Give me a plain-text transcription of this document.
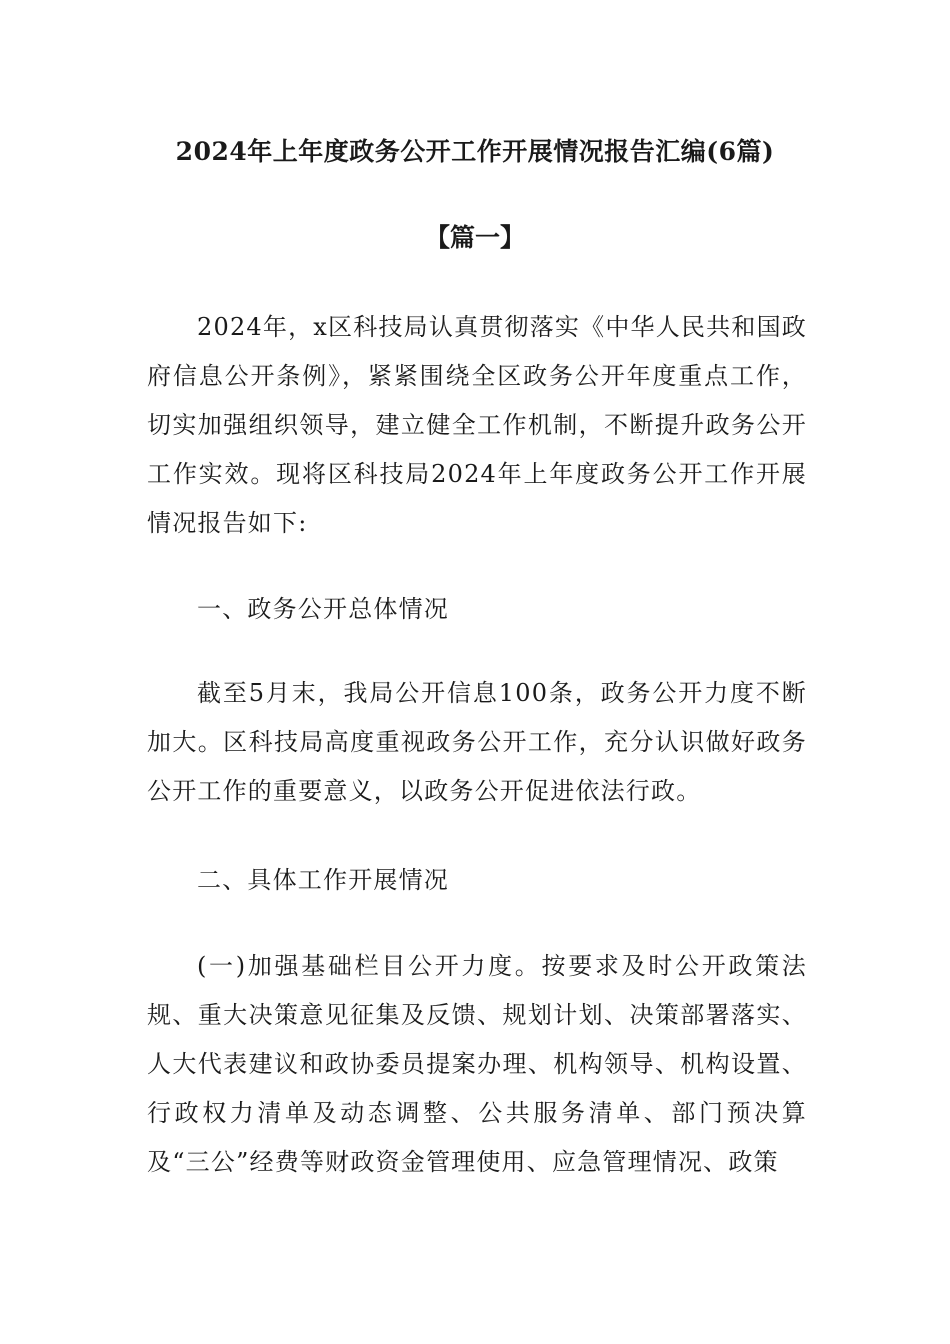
2024年上年度政务公开工作开展情况报告汇编(6篇)
【篇一】

2024年，x区科技局认真贯彻落实《中华人民共和国政府信息公开条例》，紧紧围绕全区政务公开年度重点工作，切实加强组织领导，建立健全工作机制，不断提升政务公开工作实效。现将区科技局2024年上年度政务公开工作开展情况报告如下:

一、政务公开总体情况

截至5月末，我局公开信息100条，政务公开力度不断加大。区科技局高度重视政务公开工作，充分认识做好政务公开工作的重要意义，以政务公开促进依法行政。

二、具体工作开展情况

(一)加强基础栏目公开力度。按要求及时公开政策法规、重大决策意见征集及反馈、规划计划、决策部署落实、人大代表建议和政协委员提案办理、机构领导、机构设置、行政权力清单及动态调整、公共服务清单、部门预决算及“三公”经费等财政资金管理使用、应急管理情况、政策
